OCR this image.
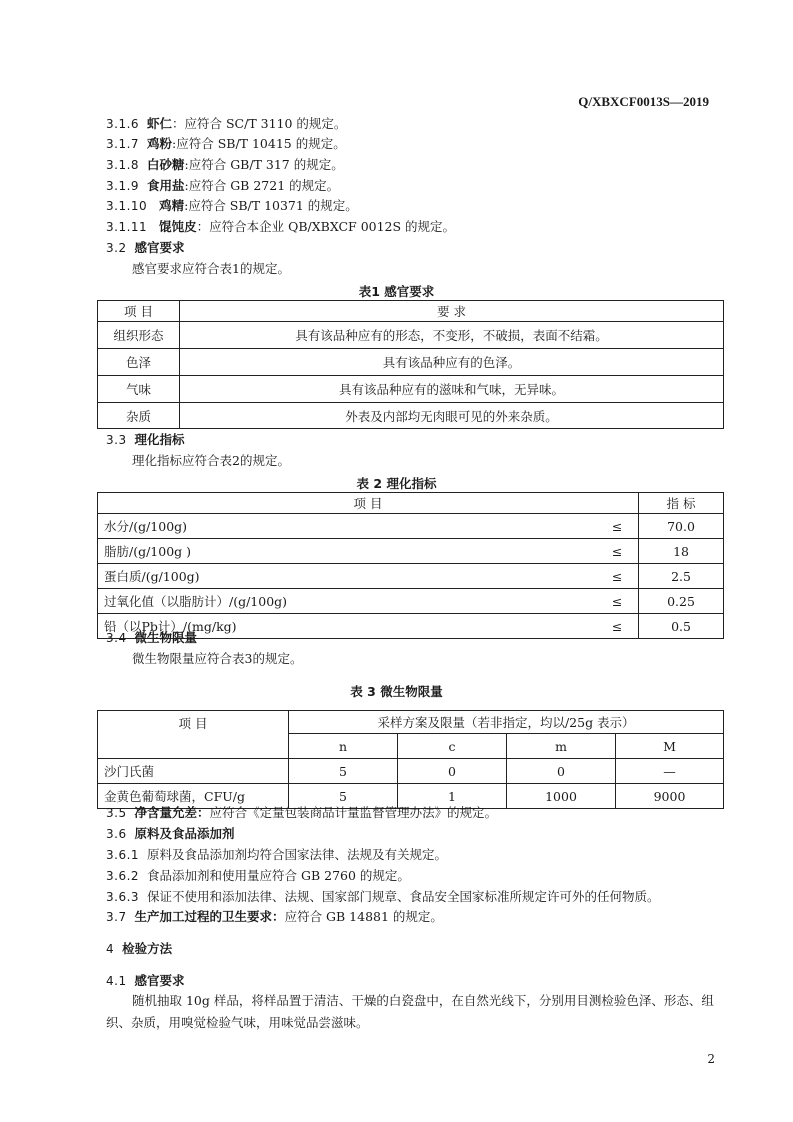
Q/XBXCF0013S—2019
3.1.6 虾仁：应符合 SC/T 3110 的规定。
3.1.7 鸡粉:应符合 SB/T 10415 的规定。
3.1.8 白砂糖:应符合 GB/T 317 的规定。
3.1.9 食用盐:应符合 GB 2721 的规定。
3.1.10 鸡精:应符合 SB/T 10371 的规定。
3.1.11 馄饨皮：应符合本企业 QB/XBXCF 0012S 的规定。
3.2 感官要求
感官要求应符合表1的规定。
表1 感官要求
项 目	要 求
组织形态	具有该品种应有的形态，不变形，不破损，表面不结霜。
色泽	具有该品种应有的色泽。
气味	具有该品种应有的滋味和气味，无异味。
杂质	外表及内部均无肉眼可见的外来杂质。
3.3 理化指标
理化指标应符合表2的规定。
表 2 理化指标
项 目		指 标
水分/(g/100g)	≤	70.0
脂肪/(g/100g )	≤	18
蛋白质/(g/100g)	≤	2.5
过氧化值（以脂肪计）/(g/100g)	≤	0.25
铅（以Pb计）/(mg/kg)	≤	0.5
3.4 微生物限量
微生物限量应符合表3的规定。
表 3 微生物限量
项 目	采样方案及限量（若非指定，均以/25g 表示）			
	n	c	m	M
沙门氏菌	5	0	0	—
金黄色葡萄球菌，CFU/g	5	1	1000	9000
3.5 净含量允差：应符合《定量包装商品计量监督管理办法》的规定。
3.6 原料及食品添加剂
3.6.1 原料及食品添加剂均符合国家法律、法规及有关规定。
3.6.2 食品添加剂和使用量应符合 GB 2760 的规定。
3.6.3 保证不使用和添加法律、法规、国家部门规章、食品安全国家标准所规定许可外的任何物质。
3.7 生产加工过程的卫生要求：应符合 GB 14881 的规定。
4 检验方法
4.1 感官要求
随机抽取 10g 样品，将样品置于清洁、干燥的白瓷盘中，在自然光线下，分别用目测检验色泽、形态、组织、杂质，用嗅觉检验气味，用味觉品尝滋味。
2
